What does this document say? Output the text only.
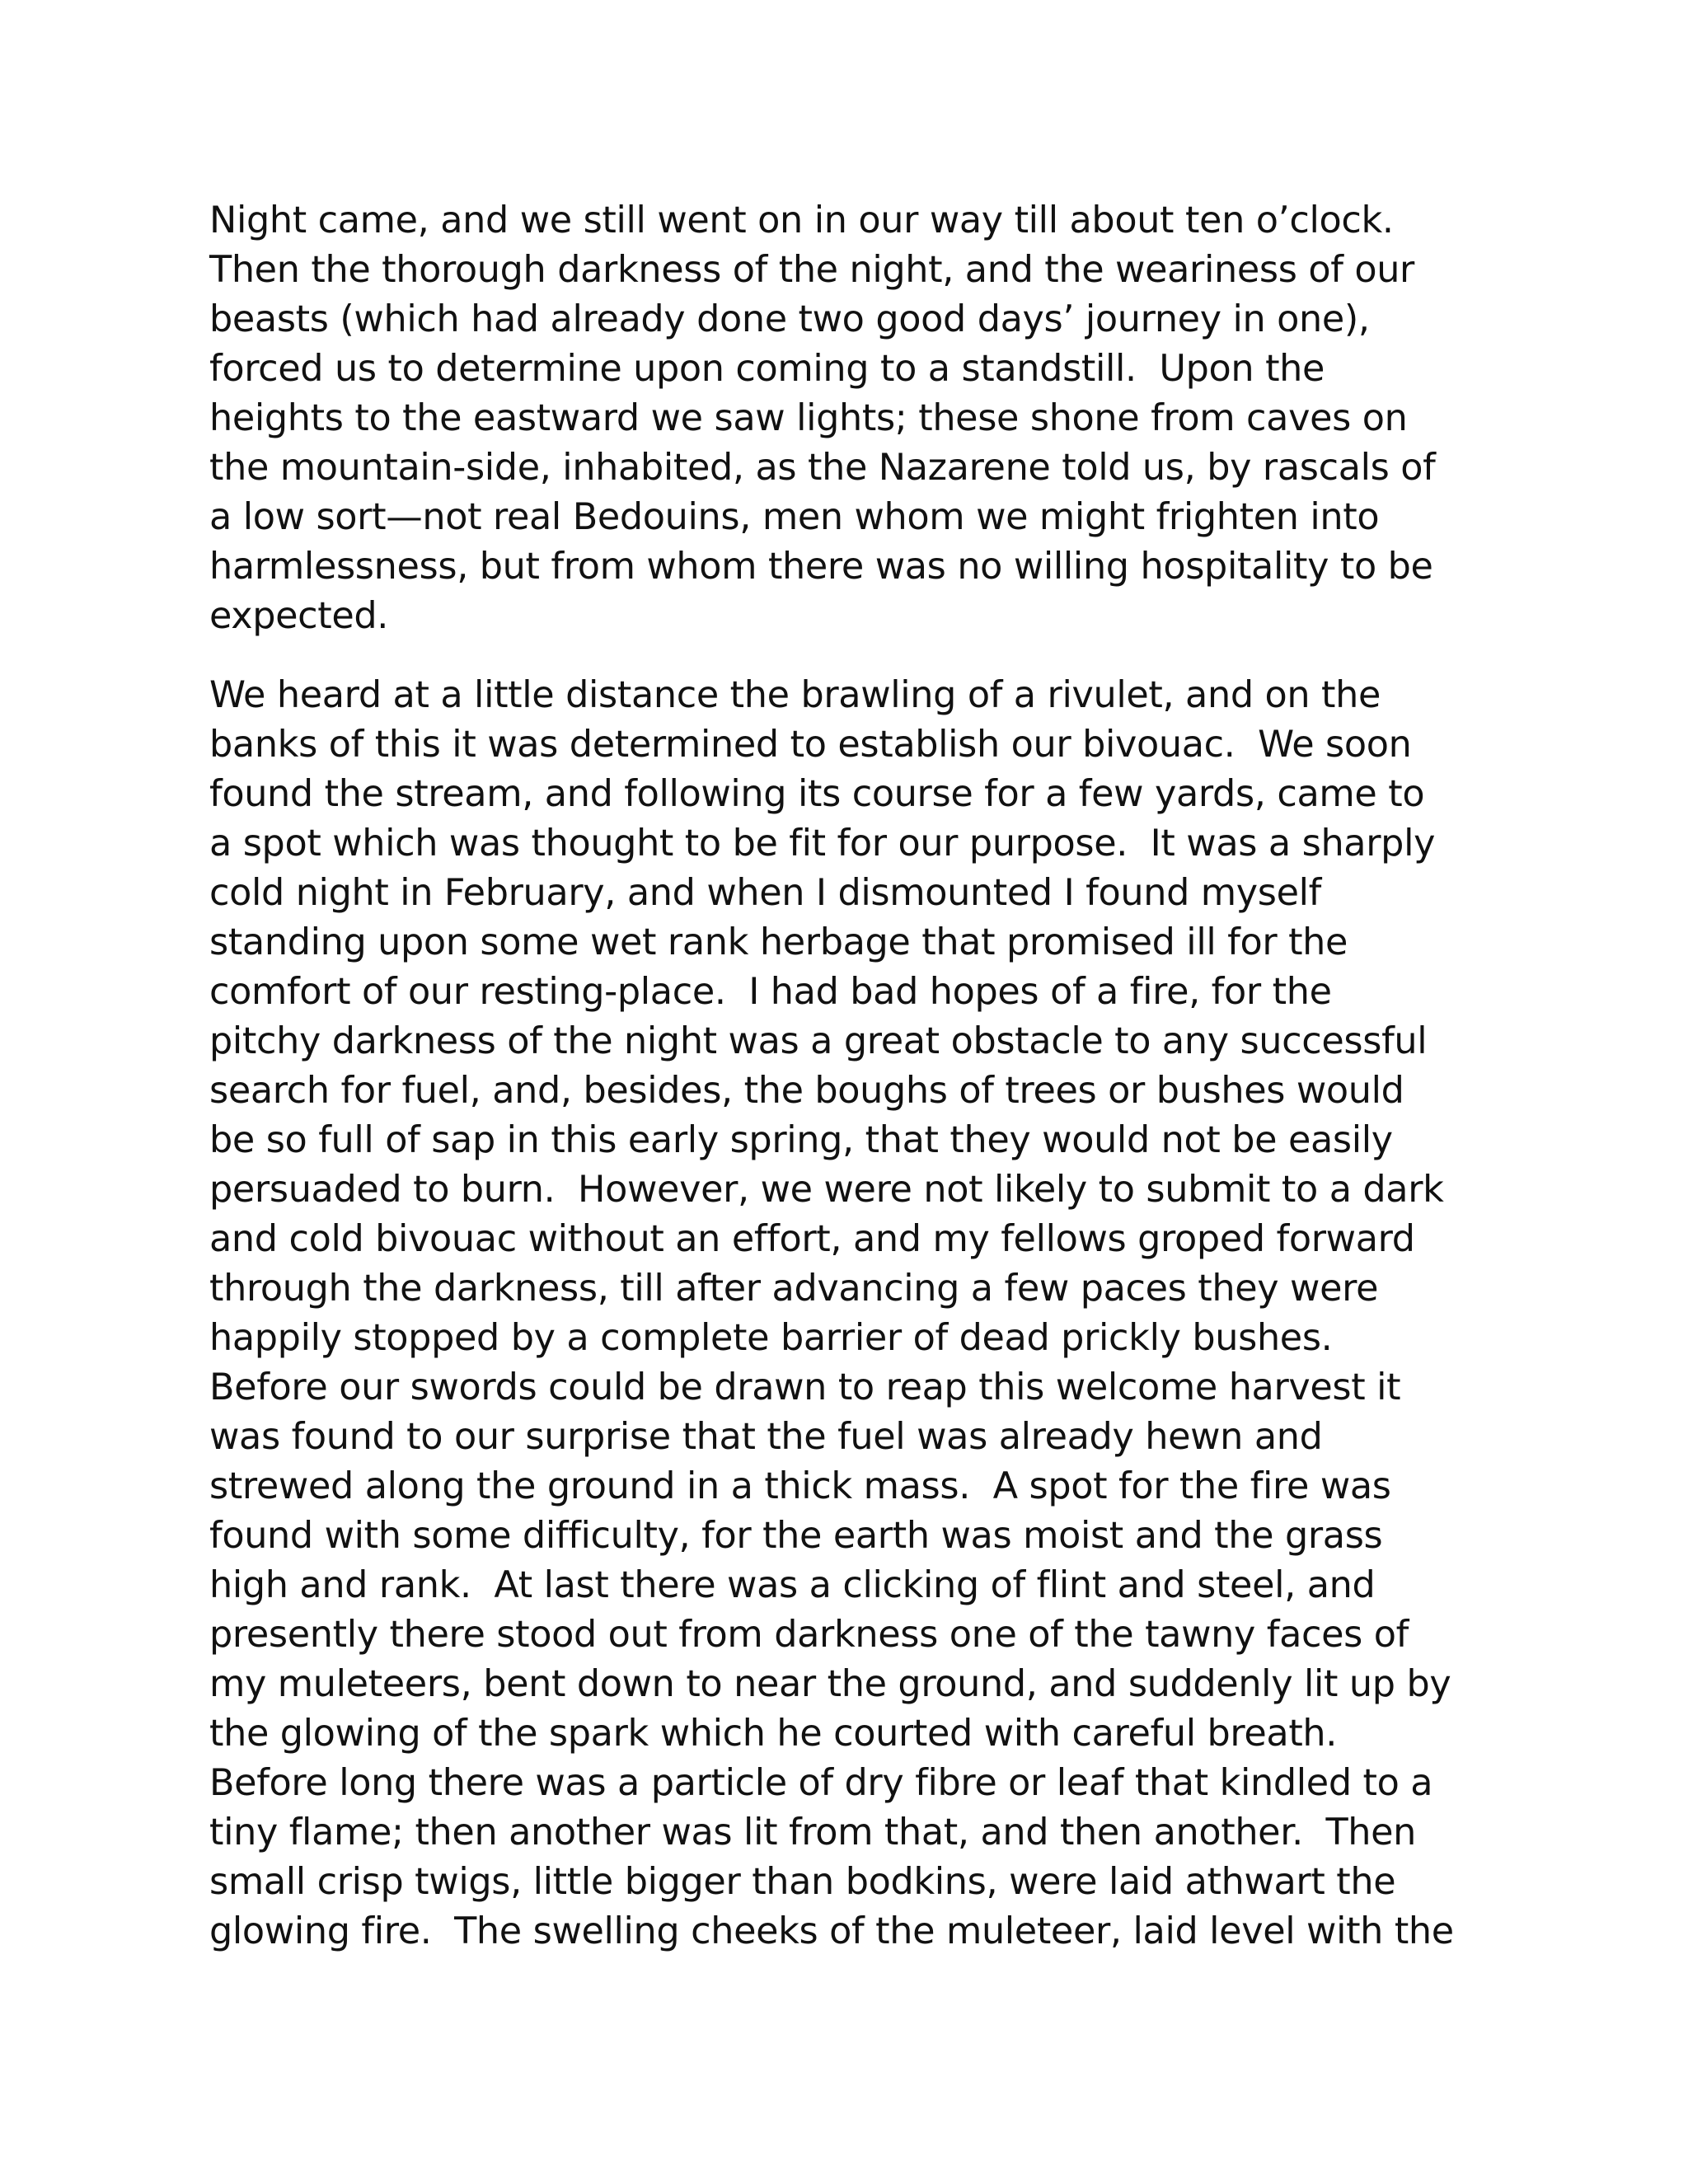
Night came, and we still went on in our way till about ten o’clock.
Then the thorough darkness of the night, and the weariness of our
beasts (which had already done two good days’ journey in one),
forced us to determine upon coming to a standstill.  Upon the
heights to the eastward we saw lights; these shone from caves on
the mountain-side, inhabited, as the Nazarene told us, by rascals of
a low sort—not real Bedouins, men whom we might frighten into
harmlessness, but from whom there was no willing hospitality to be
expected.

We heard at a little distance the brawling of a rivulet, and on the
banks of this it was determined to establish our bivouac.  We soon
found the stream, and following its course for a few yards, came to
a spot which was thought to be fit for our purpose.  It was a sharply
cold night in February, and when I dismounted I found myself
standing upon some wet rank herbage that promised ill for the
comfort of our resting-place.  I had bad hopes of a fire, for the
pitchy darkness of the night was a great obstacle to any successful
search for fuel, and, besides, the boughs of trees or bushes would
be so full of sap in this early spring, that they would not be easily
persuaded to burn.  However, we were not likely to submit to a dark
and cold bivouac without an effort, and my fellows groped forward
through the darkness, till after advancing a few paces they were
happily stopped by a complete barrier of dead prickly bushes.
Before our swords could be drawn to reap this welcome harvest it
was found to our surprise that the fuel was already hewn and
strewed along the ground in a thick mass.  A spot for the fire was
found with some difficulty, for the earth was moist and the grass
high and rank.  At last there was a clicking of flint and steel, and
presently there stood out from darkness one of the tawny faces of
my muleteers, bent down to near the ground, and suddenly lit up by
the glowing of the spark which he courted with careful breath.
Before long there was a particle of dry fibre or leaf that kindled to a
tiny flame; then another was lit from that, and then another.  Then
small crisp twigs, little bigger than bodkins, were laid athwart the
glowing fire.  The swelling cheeks of the muleteer, laid level with the
